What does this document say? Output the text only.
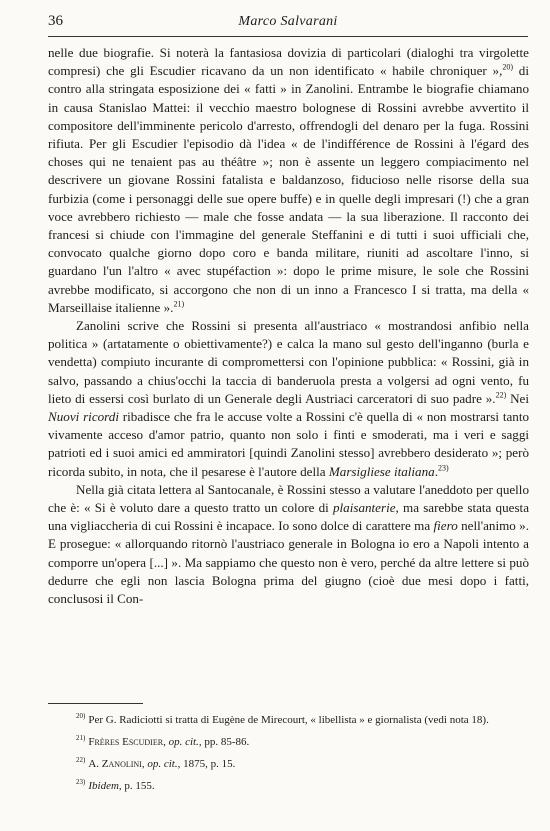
36	Marco Salvarani

nelle due biografie. Si noterà la fantasiosa dovizia di particolari (dialoghi tra virgolette compresi) che gli Escudier ricavano da un non identificato « habile chroniquer »,$^{20)}$ di contro alla stringata esposizione dei « fatti » in Zanolini. Entrambe le biografie chiamano in causa Stanislao Mattei: il vecchio maestro bolognese di Rossini avrebbe avvertito il compositore dell'imminente pericolo d'arresto, offrendogli del denaro per la fuga. Rossini rifiuta. Per gli Escudier l'episodio dà l'idea « de l'indifférence de Rossini à l'égard des choses qui ne tenaient pas au théâtre »; non è assente un leggero compiacimento nel descrivere un giovane Rossini fatalista e baldanzoso, fiducioso nelle risorse della sua furbizia (come i personaggi delle sue opere buffe) e in quelle degli impresari (!) che a gran voce avrebbero richiesto — male che fosse andata — la sua liberazione. Il racconto dei francesi si chiude con l'immagine del generale Steffanini e di tutti i suoi ufficiali che, convocato qualche giorno dopo coro e banda militare, riuniti ad ascoltare l'inno, si guardano l'un l'altro « avec stupéfaction »: dopo le prime misure, le sole che Rossini avrebbe modificato, si accorgono che non di un inno a Francesco I si tratta, ma della « Marseillaise italienne ».$^{21)}$

Zanolini scrive che Rossini si presenta all'austriaco « mostrandosi anfibio nella politica » (artatamente o obiettivamente?) e calca la mano sul gesto dell'inganno (burla e vendetta) compiuto incurante di compromettersi con l'opinione pubblica: « Rossini, già in salvo, passando a chius'occhi la taccia di banderuola presta a volgersi ad ogni vento, fu lieto di essersi così burlato di un Generale degli Austriaci carceratori di suo padre ».$^{22)}$ Nei Nuovi ricordi ribadisce che fra le accuse volte a Rossini c'è quella di « non mostrarsi tanto vivamente acceso d'amor patrio, quanto non solo i finti e smoderati, ma i veri e saggi patrioti ed i suoi amici ed ammiratori [quindi Zanolini stesso] avrebbero desiderato »; però ricorda subito, in nota, che il pesarese è l'autore della Marsigliese italiana.$^{23)}$

Nella già citata lettera al Santocanale, è Rossini stesso a valutare l'aneddoto per quello che è: « Si è voluto dare a questo tratto un colore di plaisanterie, ma sarebbe stata questa una vigliaccheria di cui Rossini è incapace. Io sono dolce di carattere ma fiero nell'animo ». E prosegue: « allorquando ritornò l'austriaco generale in Bologna io ero a Napoli intento a comporre un'opera [...] ». Ma sappiamo che questo non è vero, perché da altre lettere si può dedurre che egli non lascia Bologna prima del giugno (cioè due mesi dopo i fatti, conclusosi il Con-

$^{20)}$ Per G. Radiciotti si tratta di Eugène de Mirecourt, « libellista » e giornalista (vedi nota 18).

$^{21)}$ Frères Escudier, op. cit., pp. 85-86.

$^{22)}$ A. Zanolini, op. cit., 1875, p. 15.

$^{23)}$ Ibidem, p. 155.
